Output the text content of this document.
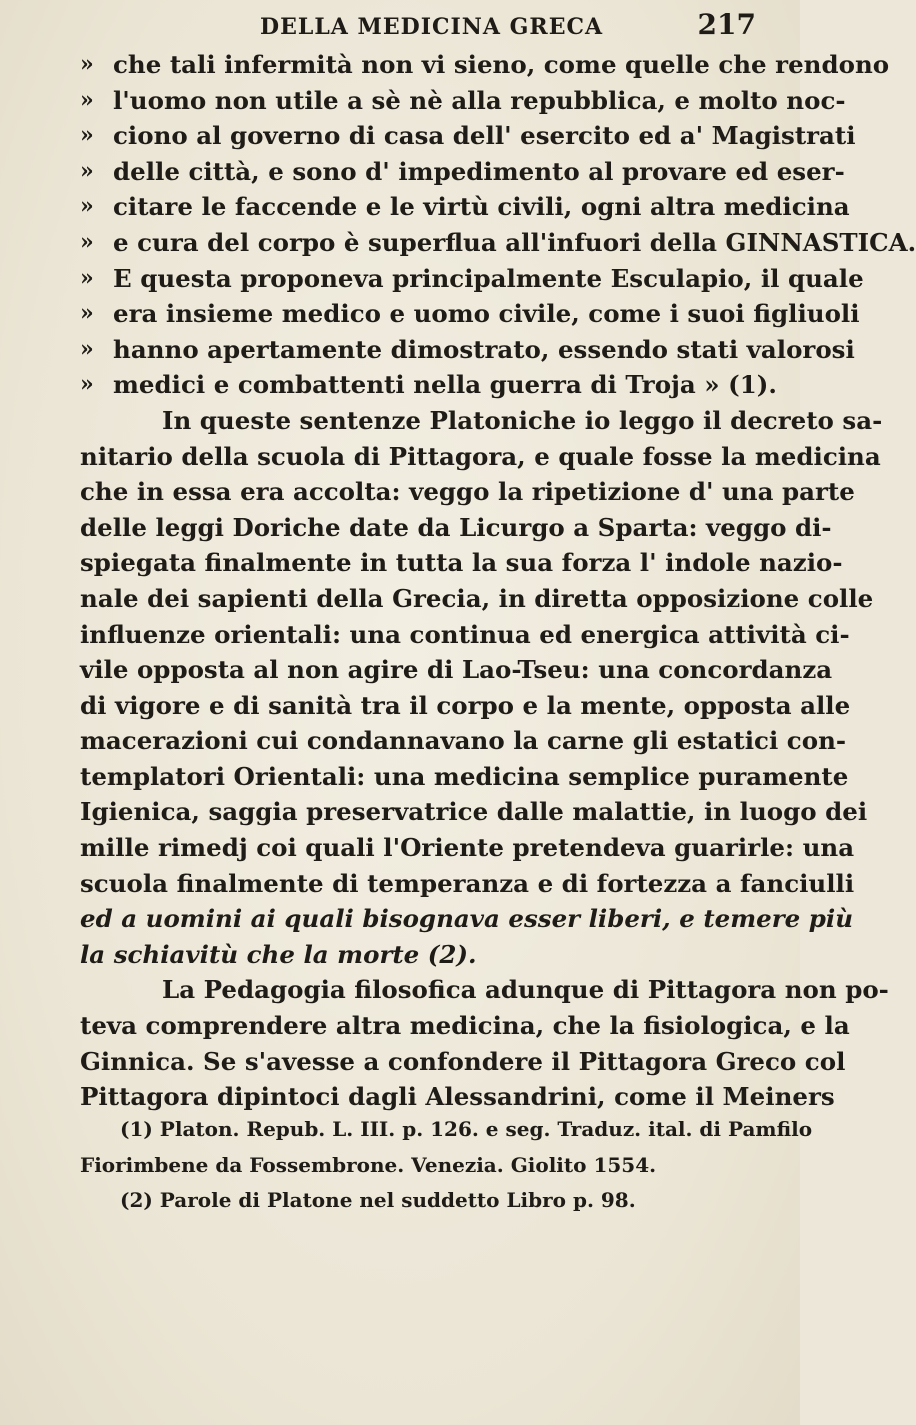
DELLA MEDICINA GRECA	217
» che tali infermità non vi sieno, come quelle che rendono
» l'uomo non utile a sè nè alla repubblica, e molto noc-
» ciono al governo di casa dell' esercito ed a' Magistrati
» delle città, e sono d' impedimento al provare ed eser-
» citare le faccende e le virtù civili, ogni altra medicina
» e cura del corpo è superflua all'infuori della GINNASTICA.
» E questa proponeva principalmente Esculapio, il quale
» era insieme medico e uomo civile, come i suoi figliuoli
» hanno apertamente dimostrato, essendo stati valorosi
» medici e combattenti nella guerra di Troja » (1).
In queste sentenze Platoniche io leggo il decreto sa-
nitario della scuola di Pittagora, e quale fosse la medicina
che in essa era accolta: veggo la ripetizione d' una parte
delle leggi Doriche date da Licurgo a Sparta: veggo di-
spiegata finalmente in tutta la sua forza l' indole nazio-
nale dei sapienti della Grecia, in diretta opposizione colle
influenze orientali: una continua ed energica attività ci-
vile opposta al non agire di Lao-Tseu: una concordanza
di vigore e di sanità tra il corpo e la mente, opposta alle
macerazioni cui condannavano la carne gli estatici con-
templatori Orientali: una medicina semplice puramente
Igienica, saggia preservatrice dalle malattie, in luogo dei
mille rimedj coi quali l'Oriente pretendeva guarirle: una
scuola finalmente di temperanza e di fortezza a fanciulli
ed a uomini ai quali bisognava esser liberi, e temere più
la schiavitù che la morte (2).
La Pedagogia filosofica adunque di Pittagora non po-
teva comprendere altra medicina, che la fisiologica, e la
Ginnica. Se s'avesse a confondere il Pittagora Greco col
Pittagora dipintoci dagli Alessandrini, come il Meiners
(1) Platon. Repub. L. III. p. 126. e seg. Traduz. ital. di Pamfilo
Fiorimbene da Fossembrone. Venezia. Giolito 1554.
(2) Parole di Platone nel suddetto Libro p. 98.
